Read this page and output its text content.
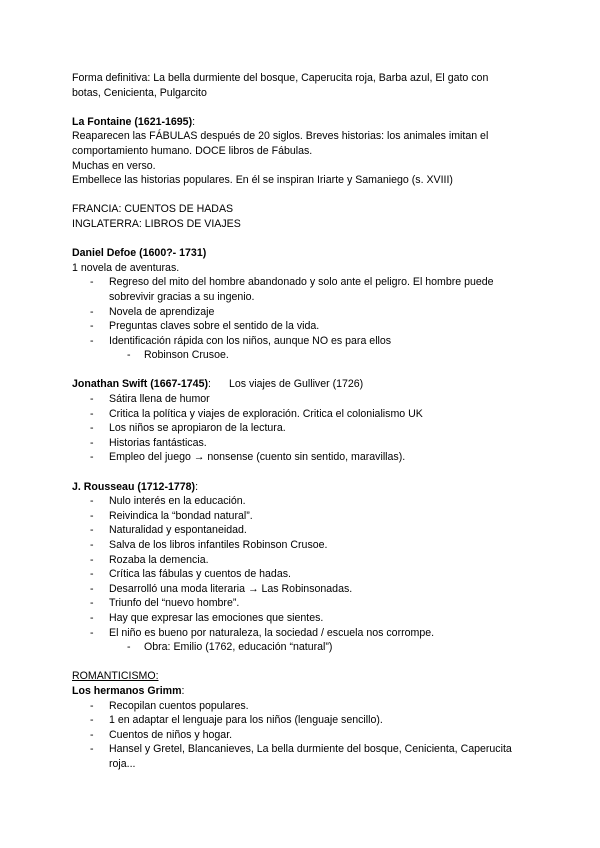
Forma definitiva: La bella durmiente del bosque, Caperucita roja, Barba azul, El gato con

botas, Cenicienta, Pulgarcito

La Fontaine (1621-1695):

Reaparecen las FÁBULAS después de 20 siglos. Breves historias: los animales imitan el

comportamiento humano. DOCE libros de Fábulas.

Muchas en verso.

Embellece las historias populares. En él se inspiran Iriarte y Samaniego (s. XVIII)

FRANCIA: CUENTOS DE HADAS

INGLATERRA: LIBROS DE VIAJES

Daniel Defoe (1600?- 1731)

1 novela de aventuras.

- Regreso del mito del hombre abandonado y solo ante el peligro. El hombre puede sobrevivir gracias a su ingenio.
- Novela de aprendizaje
- Preguntas claves sobre el sentido de la vida.
- Identificación rápida con los niños, aunque NO es para ellos
- Robinson Crusoe.

Jonathan Swift (1667-1745): Los viajes de Gulliver (1726)

- Sátira llena de humor
- Critica la política y viajes de exploración. Critica el colonialismo UK
- Los niños se apropiaron de la lectura.
- Historias fantásticas.
- Empleo del juego → nonsense (cuento sin sentido, maravillas).

J. Rousseau (1712-1778):

- Nulo interés en la educación.
- Reivindica la “bondad natural”.
- Naturalidad y espontaneidad.
- Salva de los libros infantiles Robinson Crusoe.
- Rozaba la demencia.
- Crítica las fábulas y cuentos de hadas.
- Desarrolló una moda literaria → Las Robinsonadas.
- Triunfo del “nuevo hombre”.
- Hay que expresar las emociones que sientes.
- El niño es bueno por naturaleza, la sociedad / escuela nos corrompe.
- Obra: Emilio (1762, educación “natural”)

ROMANTICISMO:

Los hermanos Grimm:

- Recopilan cuentos populares.
- 1 en adaptar el lenguaje para los niños (lenguaje sencillo).
- Cuentos de niños y hogar.
- Hansel y Gretel, Blancanieves, La bella durmiente del bosque, Cenicienta, Caperucita roja...
